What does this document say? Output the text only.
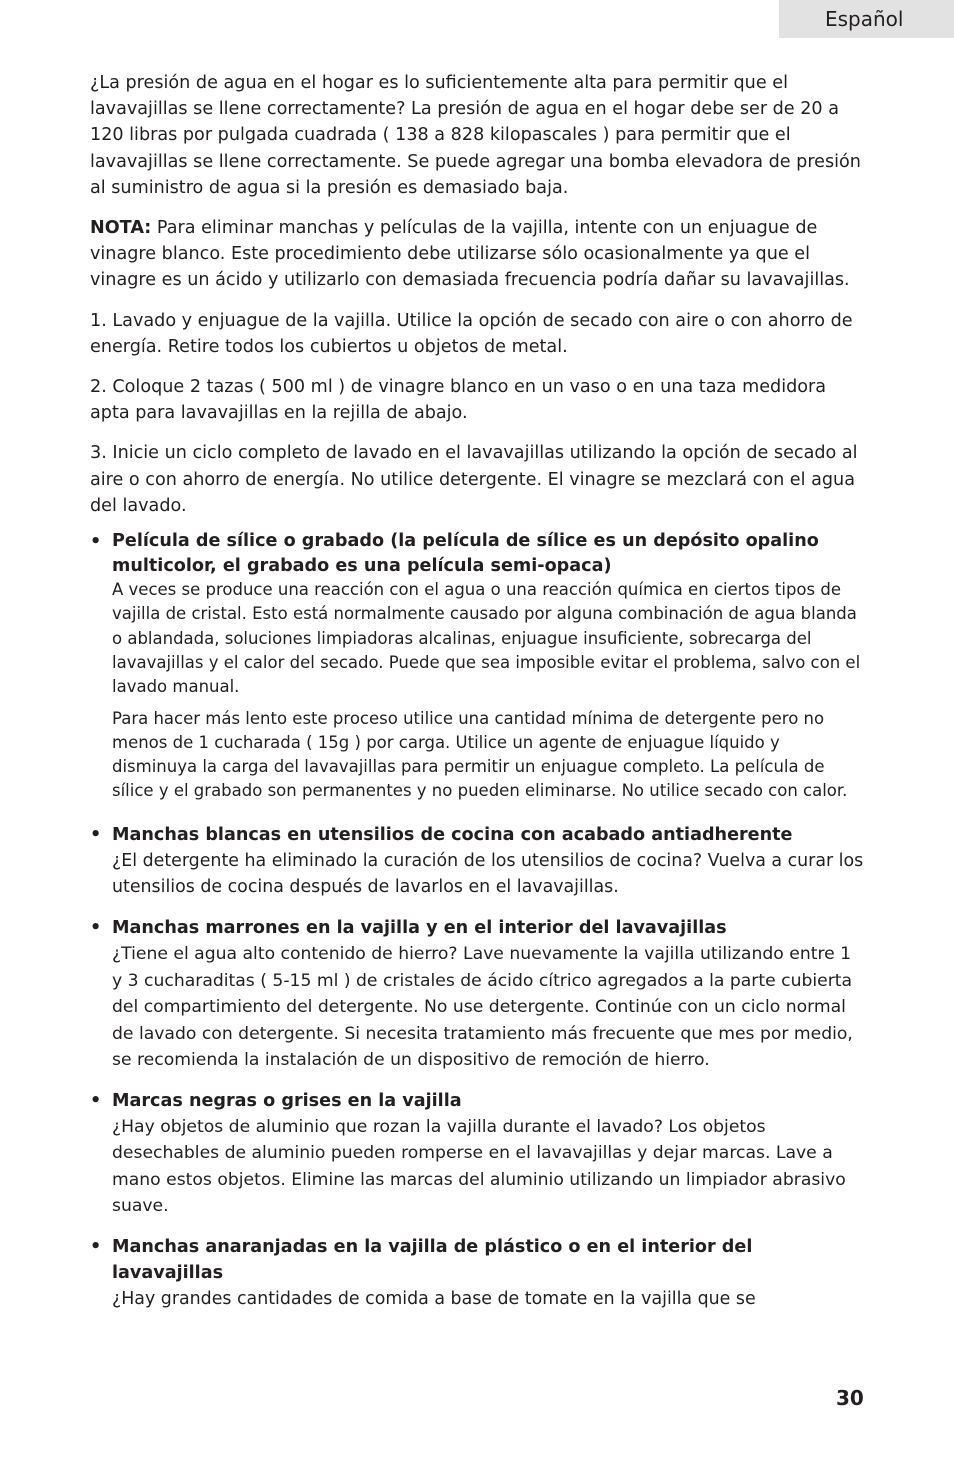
Español

¿La presión de agua en el hogar es lo suficientemente alta para permitir que el lavavajillas se llene correctamente? La presión de agua en el hogar debe ser de 20 a 120 libras por pulgada cuadrada ( 138 a 828 kilopascales ) para permitir que el lavavajillas se llene correctamente. Se puede agregar una bomba elevadora de presión al suministro de agua si la presión es demasiado baja.

NOTA: Para eliminar manchas y películas de la vajilla, intente con un enjuague de vinagre blanco. Este procedimiento debe utilizarse sólo ocasionalmente ya que el vinagre es un ácido y utilizarlo con demasiada frecuencia podría dañar su lavavajillas.

1. Lavado y enjuague de la vajilla. Utilice la opción de secado con aire o con ahorro de energía. Retire todos los cubiertos u objetos de metal.

2. Coloque 2 tazas ( 500 ml ) de vinagre blanco en un vaso o en una taza medidora apta para lavavajillas en la rejilla de abajo.

3. Inicie un ciclo completo de lavado en el lavavajillas utilizando la opción de secado al aire o con ahorro de energía. No utilice detergente. El vinagre se mezclará con el agua del lavado.

• Película de sílice o grabado (la película de sílice es un depósito opalino multicolor, el grabado es una película semi-opaca)

A veces se produce una reacción con el agua o una reacción química en ciertos tipos de vajilla de cristal. Esto está normalmente causado por alguna combinación de agua blanda o ablandada, soluciones limpiadoras alcalinas, enjuague insuficiente, sobrecarga del lavavajillas y el calor del secado. Puede que sea imposible evitar el problema, salvo con el lavado manual.

Para hacer más lento este proceso utilice una cantidad mínima de detergente pero no menos de 1 cucharada ( 15g ) por carga. Utilice un agente de enjuague líquido y disminuya la carga del lavavajillas para permitir un enjuague completo. La película de sílice y el grabado son permanentes y no pueden eliminarse. No utilice secado con calor.

• Manchas blancas en utensilios de cocina con acabado antiadherente

¿El detergente ha eliminado la curación de los utensilios de cocina? Vuelva a curar los utensilios de cocina después de lavarlos en el lavavajillas.

• Manchas marrones en la vajilla y en el interior del lavavajillas

¿Tiene el agua alto contenido de hierro? Lave nuevamente la vajilla utilizando entre 1 y 3 cucharaditas ( 5-15 ml ) de cristales de ácido cítrico agregados a la parte cubierta del compartimiento del detergente. No use detergente. Continúe con un ciclo normal de lavado con detergente. Si necesita tratamiento más frecuente que mes por medio, se recomienda la instalación de un dispositivo de remoción de hierro.

• Marcas negras o grises en la vajilla

¿Hay objetos de aluminio que rozan la vajilla durante el lavado? Los objetos desechables de aluminio pueden romperse en el lavavajillas y dejar marcas. Lave a mano estos objetos. Elimine las marcas del aluminio utilizando un limpiador abrasivo suave.

• Manchas anaranjadas en la vajilla de plástico o en el interior del lavavajillas

¿Hay grandes cantidades de comida a base de tomate en la vajilla que se

30
